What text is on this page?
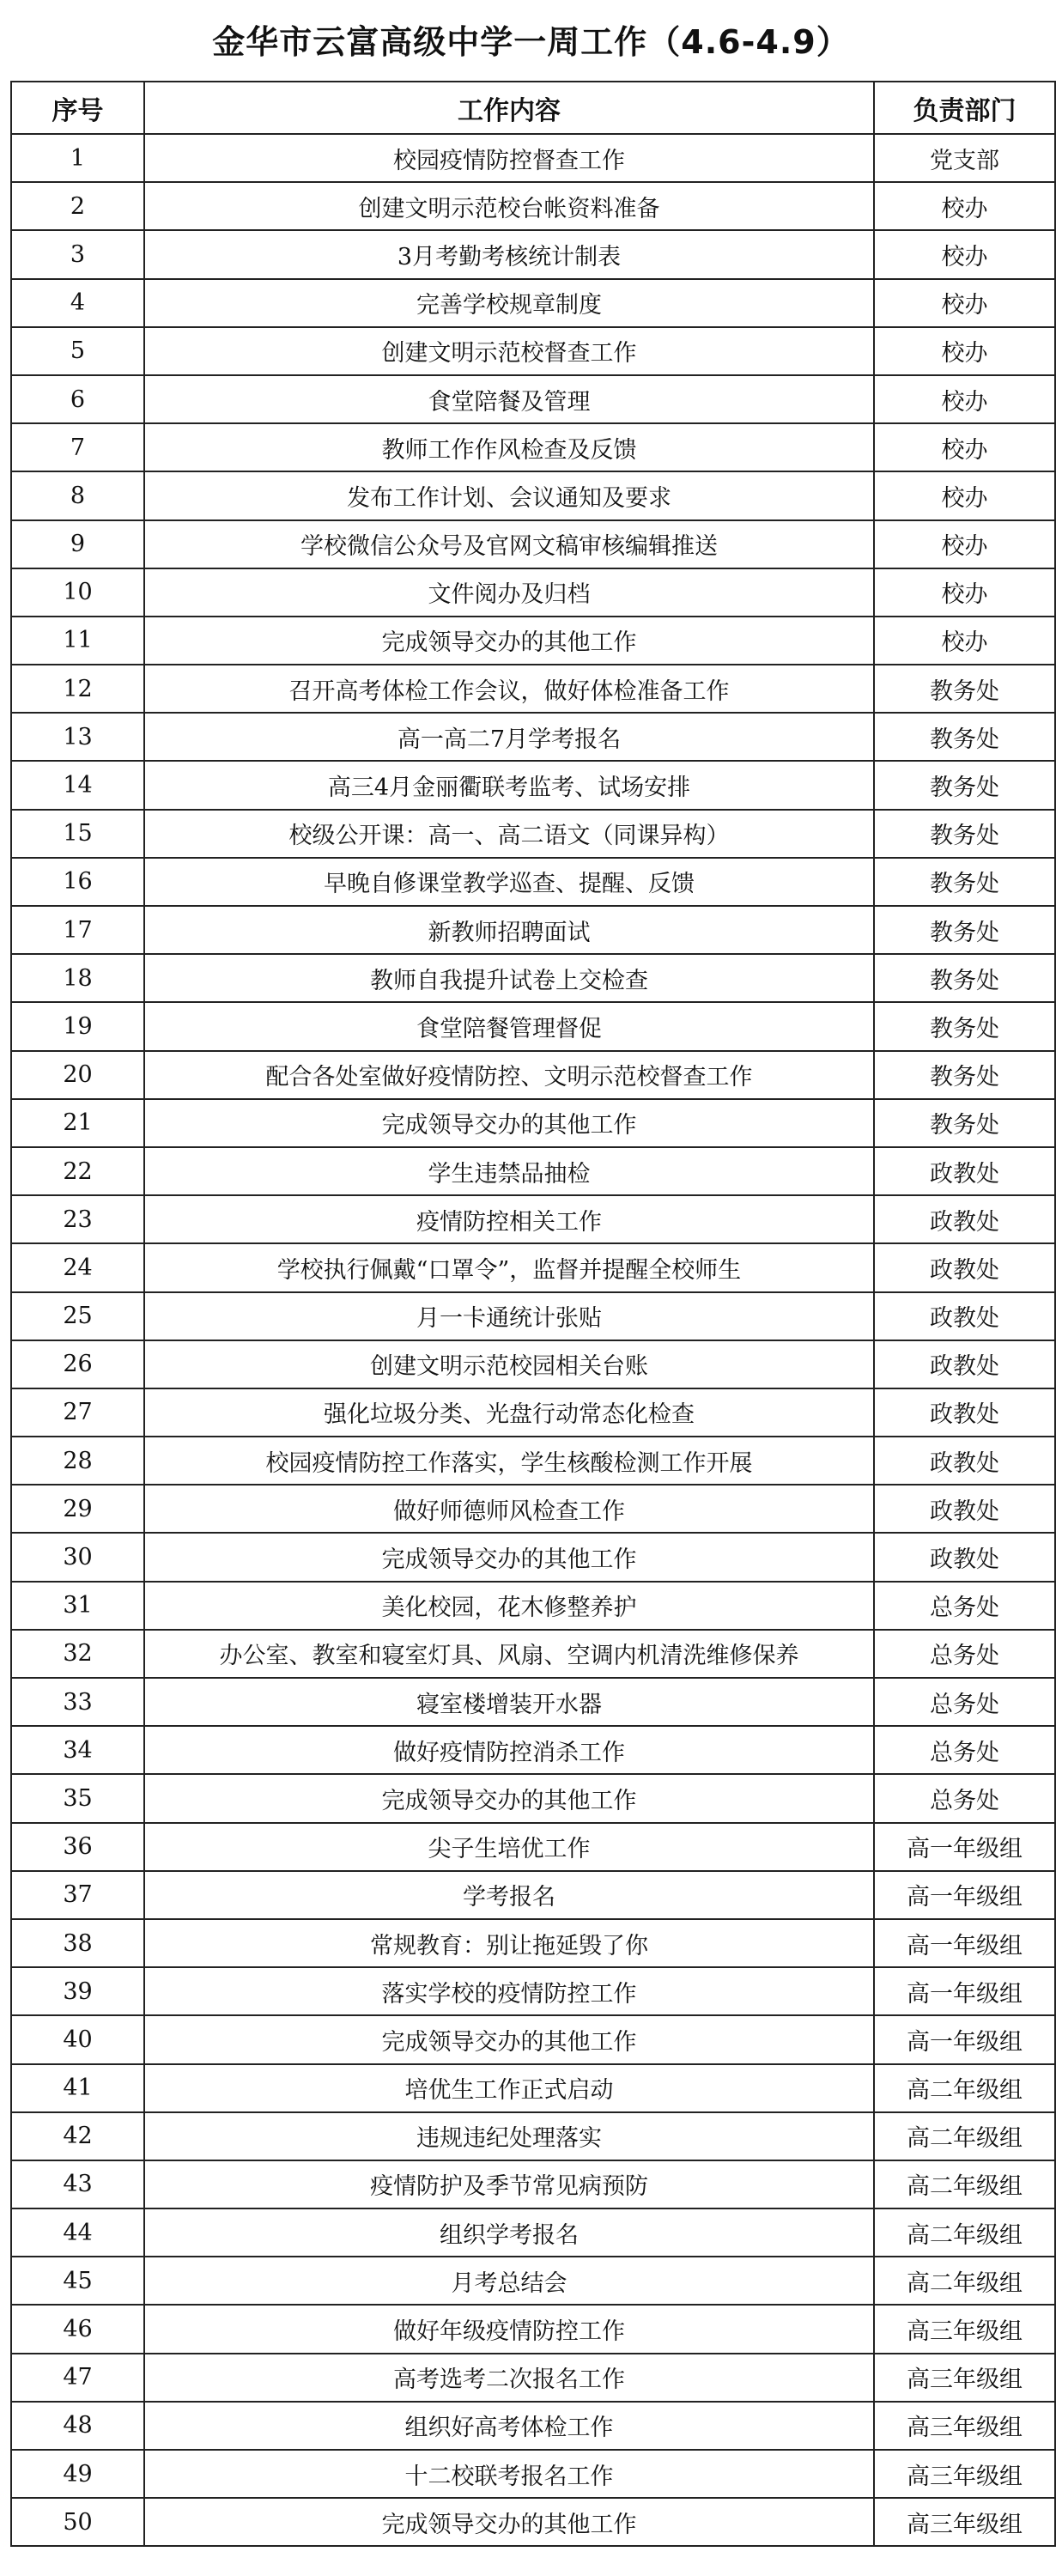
金华市云富高级中学一周工作（4.6-4.9）
序号	工作内容	负责部门
1	校园疫情防控督查工作	党支部
2	创建文明示范校台帐资料准备	校办
3	3月考勤考核统计制表	校办
4	完善学校规章制度	校办
5	创建文明示范校督查工作	校办
6	食堂陪餐及管理	校办
7	教师工作作风检查及反馈	校办
8	发布工作计划、会议通知及要求	校办
9	学校微信公众号及官网文稿审核编辑推送	校办
10	文件阅办及归档	校办
11	完成领导交办的其他工作	校办
12	召开高考体检工作会议，做好体检准备工作	教务处
13	高一高二7月学考报名	教务处
14	高三4月金丽衢联考监考、试场安排	教务处
15	校级公开课：高一、高二语文（同课异构）	教务处
16	早晚自修课堂教学巡查、提醒、反馈	教务处
17	新教师招聘面试	教务处
18	教师自我提升试卷上交检查	教务处
19	食堂陪餐管理督促	教务处
20	配合各处室做好疫情防控、文明示范校督查工作	教务处
21	完成领导交办的其他工作	教务处
22	学生违禁品抽检	政教处
23	疫情防控相关工作	政教处
24	学校执行佩戴“口罩令”，监督并提醒全校师生	政教处
25	月一卡通统计张贴	政教处
26	创建文明示范校园相关台账	政教处
27	强化垃圾分类、光盘行动常态化检查	政教处
28	校园疫情防控工作落实，学生核酸检测工作开展	政教处
29	做好师德师风检查工作	政教处
30	完成领导交办的其他工作	政教处
31	美化校园，花木修整养护	总务处
32	办公室、教室和寝室灯具、风扇、空调内机清洗维修保养	总务处
33	寝室楼增装开水器	总务处
34	做好疫情防控消杀工作	总务处
35	完成领导交办的其他工作	总务处
36	尖子生培优工作	高一年级组
37	学考报名	高一年级组
38	常规教育：别让拖延毁了你	高一年级组
39	落实学校的疫情防控工作	高一年级组
40	完成领导交办的其他工作	高一年级组
41	培优生工作正式启动	高二年级组
42	违规违纪处理落实	高二年级组
43	疫情防护及季节常见病预防	高二年级组
44	组织学考报名	高二年级组
45	月考总结会	高二年级组
46	做好年级疫情防控工作	高三年级组
47	高考选考二次报名工作	高三年级组
48	组织好高考体检工作	高三年级组
49	十二校联考报名工作	高三年级组
50	完成领导交办的其他工作	高三年级组
